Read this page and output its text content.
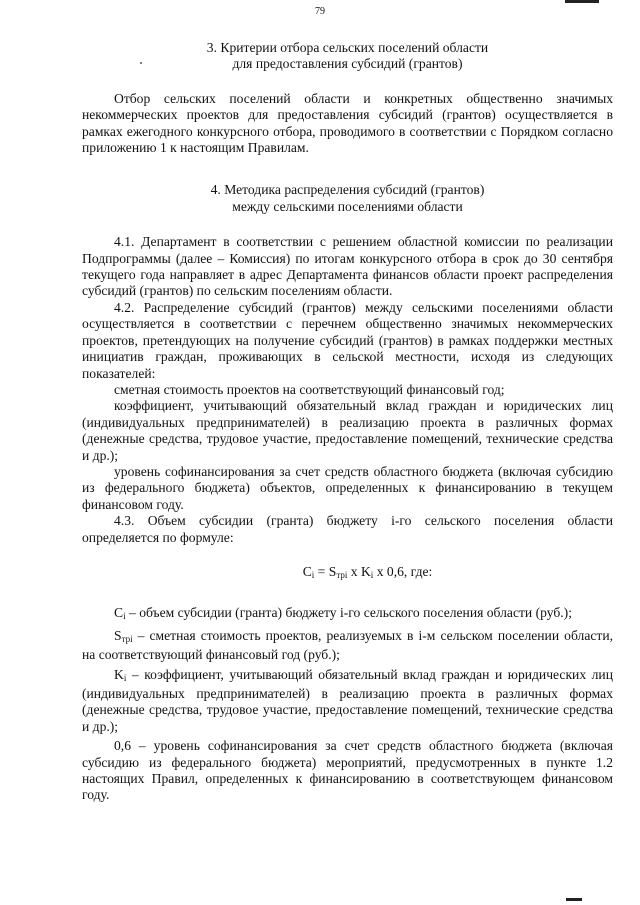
79

3. Критерии отбора сельских поселений области

для предоставления субсидий (грантов)

Отбор сельских поселений области и конкретных общественно значимых некоммерческих проектов для предоставления субсидий (грантов) осуществляется в рамках ежегодного конкурсного отбора, проводимого в соответствии с Порядком согласно приложению 1 к настоящим Правилам.

4. Методика распределения субсидий (грантов)

между сельскими поселениями области

4.1. Департамент в соответствии с решением областной комиссии по реализации Подпрограммы (далее – Комиссия) по итогам конкурсного отбора в срок до 30 сентября текущего года направляет в адрес Департамента финансов области проект распределения субсидий (грантов) по сельским поселениям области.

4.2. Распределение субсидий (грантов) между сельскими поселениями области осуществляется в соответствии с перечнем общественно значимых некоммерческих проектов, претендующих на получение субсидий (грантов) в рамках поддержки местных инициатив граждан, проживающих в сельской местности, исходя из следующих показателей:

сметная стоимость проектов на соответствующий финансовый год;

коэффициент, учитывающий обязательный вклад граждан и юридических лиц (индивидуальных предпринимателей) в реализацию проекта в различных формах (денежные средства, трудовое участие, предоставление помещений, технические средства и др.);

уровень софинансирования за счет средств областного бюджета (включая субсидию из федерального бюджета) объектов, определенных к финансированию в текущем финансовом году.

4.3. Объем субсидии (гранта) бюджету i-го сельского поселения области определяется по формуле:

$C_i = S_{трi}$ x $K_i$ x 0,6, где:

$C_i$ – объем субсидии (гранта) бюджету i-го сельского поселения области (руб.);

$S_{трi}$ – сметная стоимость проектов, реализуемых в i-м сельском поселении области, на соответствующий финансовый год (руб.);

$K_i$ – коэффициент, учитывающий обязательный вклад граждан и юридических лиц (индивидуальных предпринимателей) в реализацию проекта в различных формах (денежные средства, трудовое участие, предоставление помещений, технические средства и др.);

0,6 – уровень софинансирования за счет средств областного бюджета (включая субсидию из федерального бюджета) мероприятий, предусмотренных в пункте 1.2 настоящих Правил, определенных к финансированию в соответствующем финансовом году.
